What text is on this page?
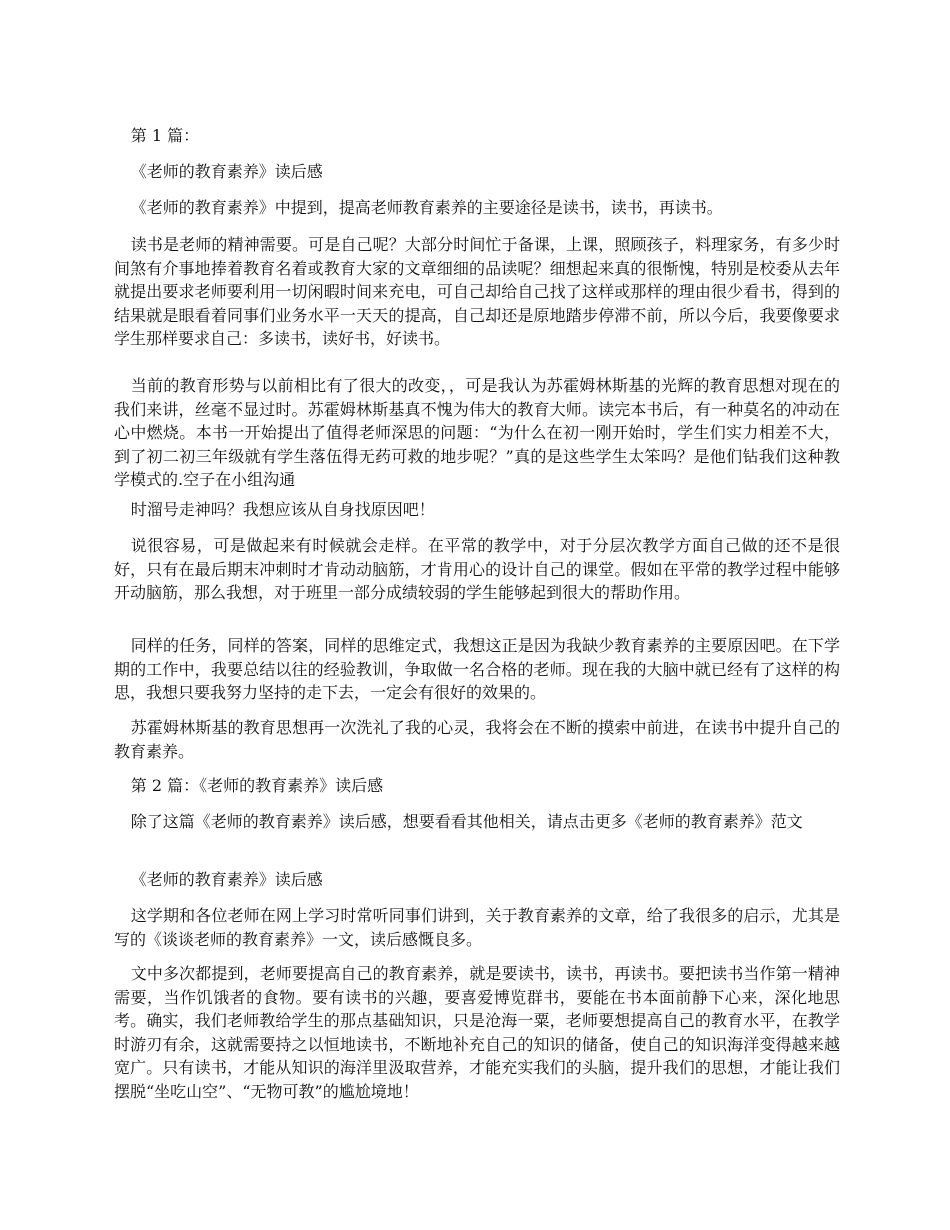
第 1 篇：

《老师的教育素养》读后感

《老师的教育素养》中提到，提高老师教育素养的主要途径是读书，读书，再读书。

读书是老师的精神需要。可是自己呢？大部分时间忙于备课，上课，照顾孩子，料理家务，有多少时间煞有介事地捧着教育名着或教育大家的文章细细的品读呢？细想起来真的很惭愧，特别是校委从去年就提出要求老师要利用一切闲暇时间来充电，可自己却给自己找了这样或那样的理由很少看书，得到的结果就是眼看着同事们业务水平一天天的提高，自己却还是原地踏步停滞不前，所以今后，我要像要求学生那样要求自己：多读书，读好书，好读书。

当前的教育形势与以前相比有了很大的改变，，可是我认为苏霍姆林斯基的光辉的教育思想对现在的我们来讲，丝毫不显过时。苏霍姆林斯基真不愧为伟大的教育大师。读完本书后，有一种莫名的冲动在心中燃烧。本书一开始提出了值得老师深思的问题：“为什么在初一刚开始时，学生们实力相差不大，到了初二初三年级就有学生落伍得无药可救的地步呢？”真的是这些学生太笨吗？是他们钻我们这种教学模式的.空子在小组沟通

时溜号走神吗？我想应该从自身找原因吧！

说很容易，可是做起来有时候就会走样。在平常的教学中，对于分层次教学方面自己做的还不是很好，只有在最后期末冲刺时才肯动动脑筋，才肯用心的设计自己的课堂。假如在平常的教学过程中能够开动脑筋，那么我想，对于班里一部分成绩较弱的学生能够起到很大的帮助作用。

同样的任务，同样的答案，同样的思维定式，我想这正是因为我缺少教育素养的主要原因吧。在下学期的工作中，我要总结以往的经验教训，争取做一名合格的老师。现在我的大脑中就已经有了这样的构思，我想只要我努力坚持的走下去，一定会有很好的效果的。

苏霍姆林斯基的教育思想再一次洗礼了我的心灵，我将会在不断的摸索中前进，在读书中提升自己的教育素养。

第 2 篇：《老师的教育素养》读后感

除了这篇《老师的教育素养》读后感，想要看看其他相关，请点击更多《老师的教育素养》范文

《老师的教育素养》读后感

这学期和各位老师在网上学习时常听同事们讲到，关于教育素养的文章，给了我很多的启示，尤其是写的《谈谈老师的教育素养》一文，读后感慨良多。

文中多次都提到，老师要提高自己的教育素养，就是要读书，读书，再读书。要把读书当作第一精神需要，当作饥饿者的食物。要有读书的兴趣，要喜爱博览群书，要能在书本面前静下心来，深化地思考。确实，我们老师教给学生的那点基础知识，只是沧海一粟，老师要想提高自己的教育水平，在教学时游刃有余，这就需要持之以恒地读书，不断地补充自己的知识的储备，使自己的知识海洋变得越来越宽广。只有读书，才能从知识的海洋里汲取营养，才能充实我们的头脑，提升我们的思想，才能让我们摆脱“坐吃山空”、“无物可教”的尴尬境地！
